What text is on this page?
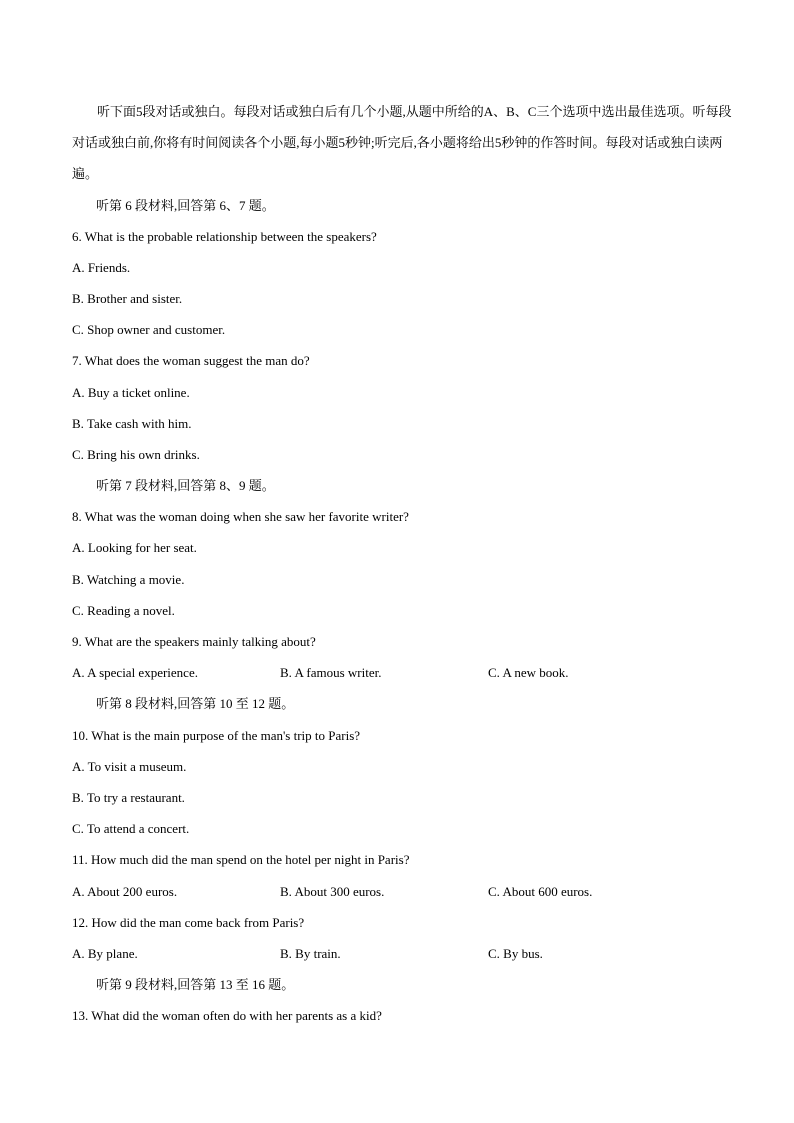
听下面5段对话或独白。每段对话或独白后有几个小题,从题中所给的A、B、C三个选项中选出最佳选项。听每段对话或独白前,你将有时间阅读各个小题,每小题5秒钟;听完后,各小题将给出5秒钟的作答时间。每段对话或独白读两遍。
听第 6 段材料,回答第 6、7 题。
6. What is the probable relationship between the speakers?
A. Friends.
B. Brother and sister.
C. Shop owner and customer.
7. What does the woman suggest the man do?
A. Buy a ticket online.
B. Take cash with him.
C. Bring his own drinks.
听第 7 段材料,回答第 8、9 题。
8. What was the woman doing when she saw her favorite writer?
A. Looking for her seat.
B. Watching a movie.
C. Reading a novel.
9. What are the speakers mainly talking about?
A. A special experience.	B. A famous writer.	C. A new book.
听第 8 段材料,回答第 10 至 12 题。
10. What is the main purpose of the man's trip to Paris?
A. To visit a museum.
B. To try a restaurant.
C. To attend a concert.
11. How much did the man spend on the hotel per night in Paris?
A. About 200 euros.	B. About 300 euros.	C. About 600 euros.
12. How did the man come back from Paris?
A. By plane.	B. By train.	C. By bus.
听第 9 段材料,回答第 13 至 16 题。
13. What did the woman often do with her parents as a kid?
